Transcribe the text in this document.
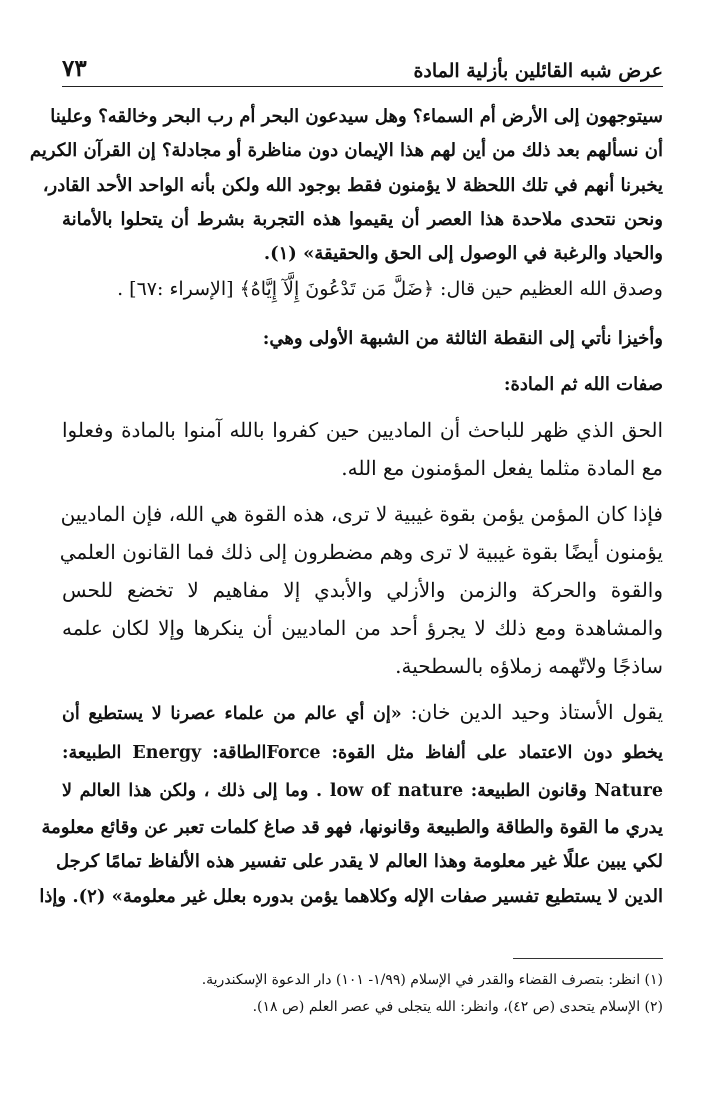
٧٣	عرض شبه القائلين بأزلية المادة
سيتوجهون إلى الأرض أم السماء؟ وهل سيدعون البحر أم رب البحر وخالقه؟ وعلينا
أن نسألهم بعد ذلك من أين لهم هذا الإيمان دون مناظرة أو مجادلة؟ إن القرآن الكريم
يخبرنا أنهم في تلك اللحظة لا يؤمنون فقط بوجود الله ولكن بأنه الواحد الأحد القادر،
ونحن نتحدى ملاحدة هذا العصر أن يقيموا هذه التجربة بشرط أن يتحلوا بالأمانة
والحياد والرغبة في الوصول إلى الحق والحقيقة» (١).
وصدق الله العظيم حين قال: ﴿ضَلَّ مَن تَدْعُونَ إِلَّآ إِيَّاهُ﴾ [الإسراء :٦٧] .
وأخيزا نأتي إلى النقطة الثالثة من الشبهة الأولى وهي:
صفات الله ثم المادة:
الحق الذي ظهر للباحث أن الماديين حين كفروا بالله آمنوا بالمادة وفعلوا
مع المادة مثلما يفعل المؤمنون مع الله.
فإذا كان المؤمن يؤمن بقوة غيبية لا ترى، هذه القوة هي الله، فإن الماديين
يؤمنون أيضًا بقوة غيبية لا ترى وهم مضطرون إلى ذلك فما القانون العلمي
والقوة والحركة والزمن والأزلي والأبدي إلا مفاهيم لا تخضع للحس
والمشاهدة ومع ذلك لا يجرؤ أحد من الماديين أن ينكرها وإلا لكان علمه
ساذجًا ولاتّهمه زملاؤه بالسطحية.
يقول الأستاذ وحيد الدين خان: «إن أي عالم من علماء عصرنا لا يستطيع أن
يخطو دون الاعتماد على ألفاظ مثل القوة: Forceالطاقة: Energy الطبيعة:
Nature وقانون الطبيعة: low of nature . وما إلى ذلك ، ولكن هذا العالم لا
يدري ما القوة والطاقة والطبيعة وقانونها، فهو قد صاغ كلمات تعبر عن وقائع معلومة
لكي يبين عللًا غير معلومة وهذا العالم لا يقدر على تفسير هذه الألفاظ تمامًا كرجل
الدين لا يستطيع تفسير صفات الإله وكلاهما يؤمن بدوره بعلل غير معلومة» (٢). وإذا
(١) انظر: بتصرف القضاء والقدر في الإسلام (١/٩٩- ١٠١) دار الدعوة الإسكندرية.
(٢) الإسلام يتحدى (ص ٤٢)، وانظر: الله يتجلى في عصر العلم (ص ١٨).
